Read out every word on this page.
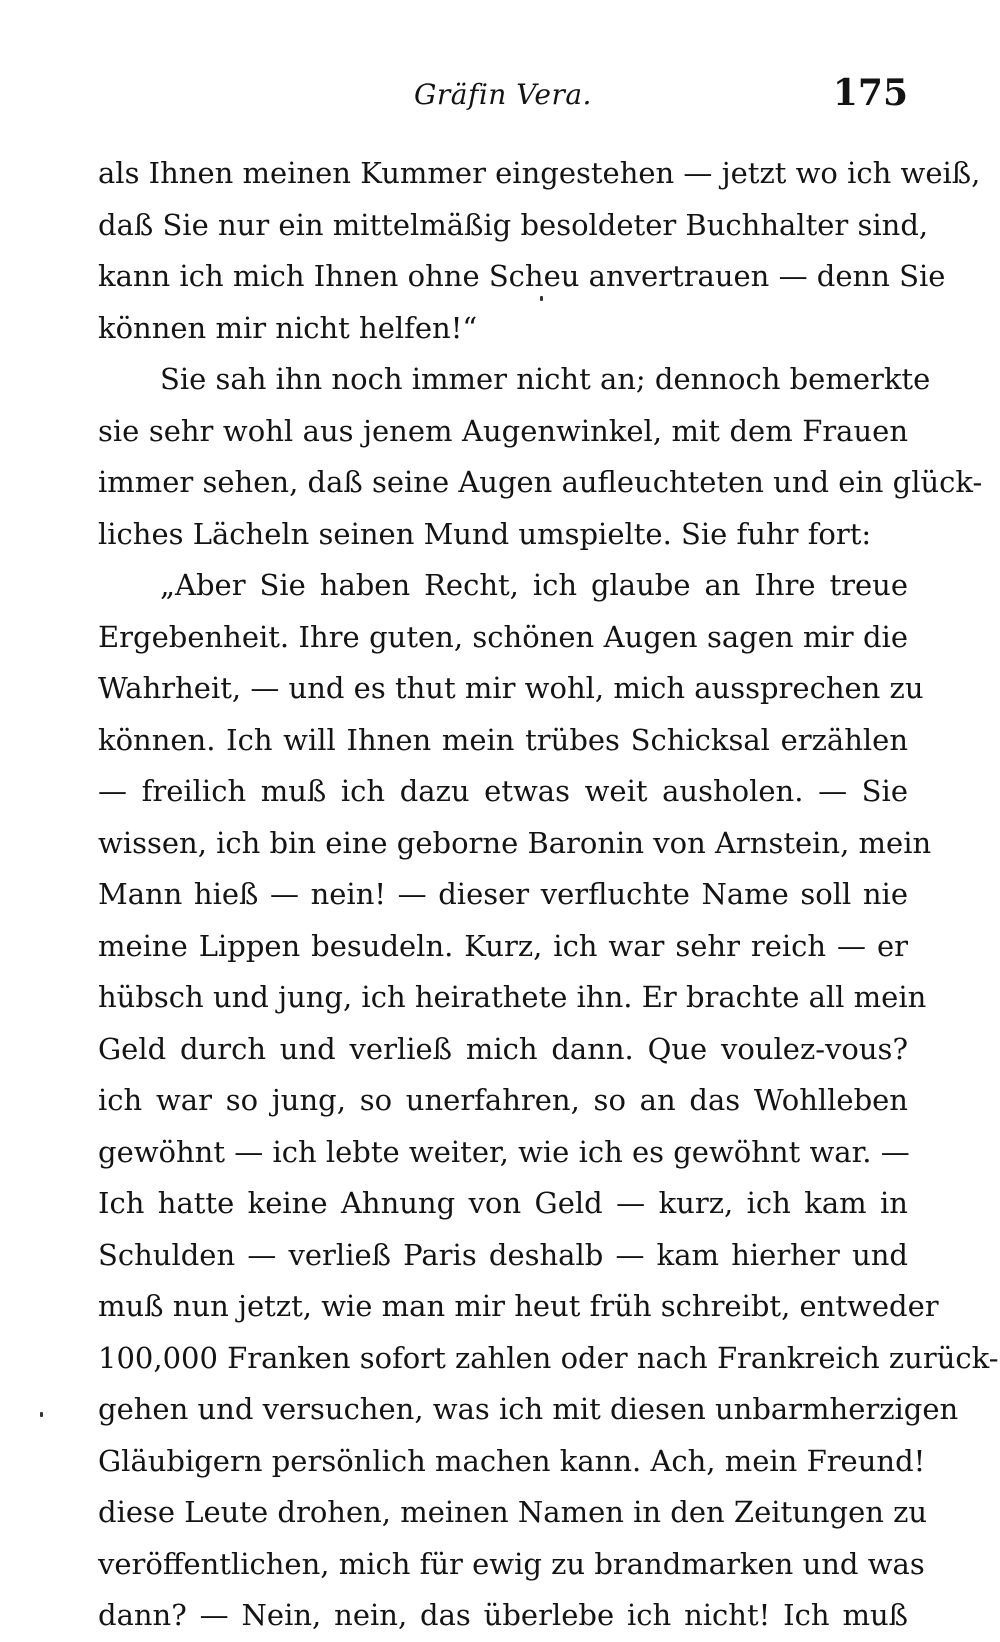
Gräfin Vera.	175
als Ihnen meinen Kummer eingestehen — jetzt wo ich weiß,
daß Sie nur ein mittelmäßig besoldeter Buchhalter sind,
kann ich mich Ihnen ohne Scheu anvertrauen — denn Sie
können mir nicht helfen!“
Sie sah ihn noch immer nicht an; dennoch bemerkte
sie sehr wohl aus jenem Augenwinkel, mit dem Frauen
immer sehen, daß seine Augen aufleuchteten und ein glück-
liches Lächeln seinen Mund umspielte. Sie fuhr fort:
„Aber Sie haben Recht, ich glaube an Ihre treue
Ergebenheit. Ihre guten, schönen Augen sagen mir die
Wahrheit, — und es thut mir wohl, mich aussprechen zu
können. Ich will Ihnen mein trübes Schicksal erzählen
— freilich muß ich dazu etwas weit ausholen. — Sie
wissen, ich bin eine geborne Baronin von Arnstein, mein
Mann hieß — nein! — dieser verfluchte Name soll nie
meine Lippen besudeln. Kurz, ich war sehr reich — er
hübsch und jung, ich heirathete ihn. Er brachte all mein
Geld durch und verließ mich dann. Que voulez-vous?
ich war so jung, so unerfahren, so an das Wohlleben
gewöhnt — ich lebte weiter, wie ich es gewöhnt war. —
Ich hatte keine Ahnung von Geld — kurz, ich kam in
Schulden — verließ Paris deshalb — kam hierher und
muß nun jetzt, wie man mir heut früh schreibt, entweder
100,000 Franken sofort zahlen oder nach Frankreich zurück-
gehen und versuchen, was ich mit diesen unbarmherzigen
Gläubigern persönlich machen kann. Ach, mein Freund!
diese Leute drohen, meinen Namen in den Zeitungen zu
veröffentlichen, mich für ewig zu brandmarken und was
dann? — Nein, nein, das überlebe ich nicht! Ich muß
